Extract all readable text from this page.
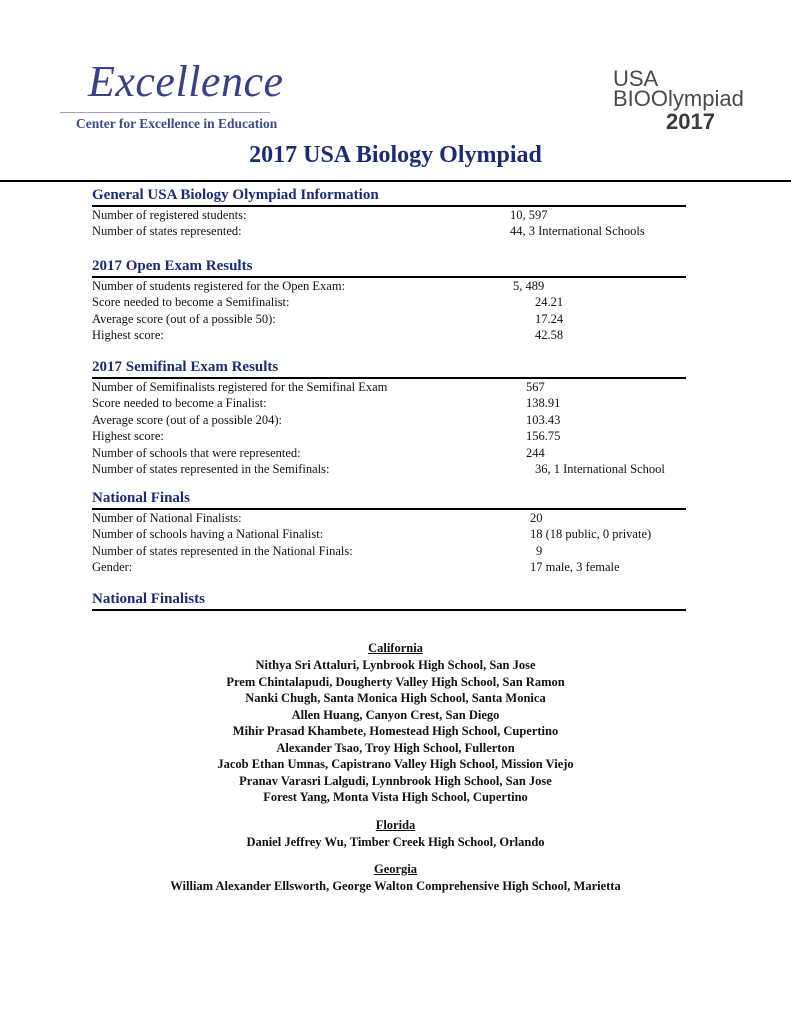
Excellence
Center for Excellence in Education
USA
BIOOlympiad
2017
2017 USA Biology Olympiad
General USA Biology Olympiad Information
Number of registered students:	10, 597
Number of states represented:	44, 3 International Schools
2017 Open Exam Results
Number of students registered for the Open Exam:	5, 489
Score needed to become a Semifinalist:	24.21
Average score (out of a possible 50):	17.24
Highest score:	42.58
2017 Semifinal Exam Results
Number of Semifinalists registered for the Semifinal Exam	567
Score needed to become a Finalist:	138.91
Average score (out of a possible 204):	103.43
Highest score:	156.75
Number of schools that were represented:	244
Number of states represented in the Semifinals:	36, 1 International School
National Finals
Number of National Finalists:	20
Number of schools having a National Finalist:	18 (18 public, 0 private)
Number of states represented in the National Finals:	9
Gender:	17 male, 3 female
National Finalists
California
Nithya Sri Attaluri, Lynbrook High School, San Jose
Prem Chintalapudi, Dougherty Valley High School, San Ramon
Nanki Chugh, Santa Monica High School, Santa Monica
Allen Huang, Canyon Crest, San Diego
Mihir Prasad Khambete, Homestead High School, Cupertino
Alexander Tsao, Troy High School, Fullerton
Jacob Ethan Umnas, Capistrano Valley High School, Mission Viejo
Pranav Varasri Lalgudi, Lynnbrook High School, San Jose
Forest Yang, Monta Vista High School, Cupertino
Florida
Daniel Jeffrey Wu, Timber Creek High School, Orlando
Georgia
William Alexander Ellsworth, George Walton Comprehensive High School, Marietta
